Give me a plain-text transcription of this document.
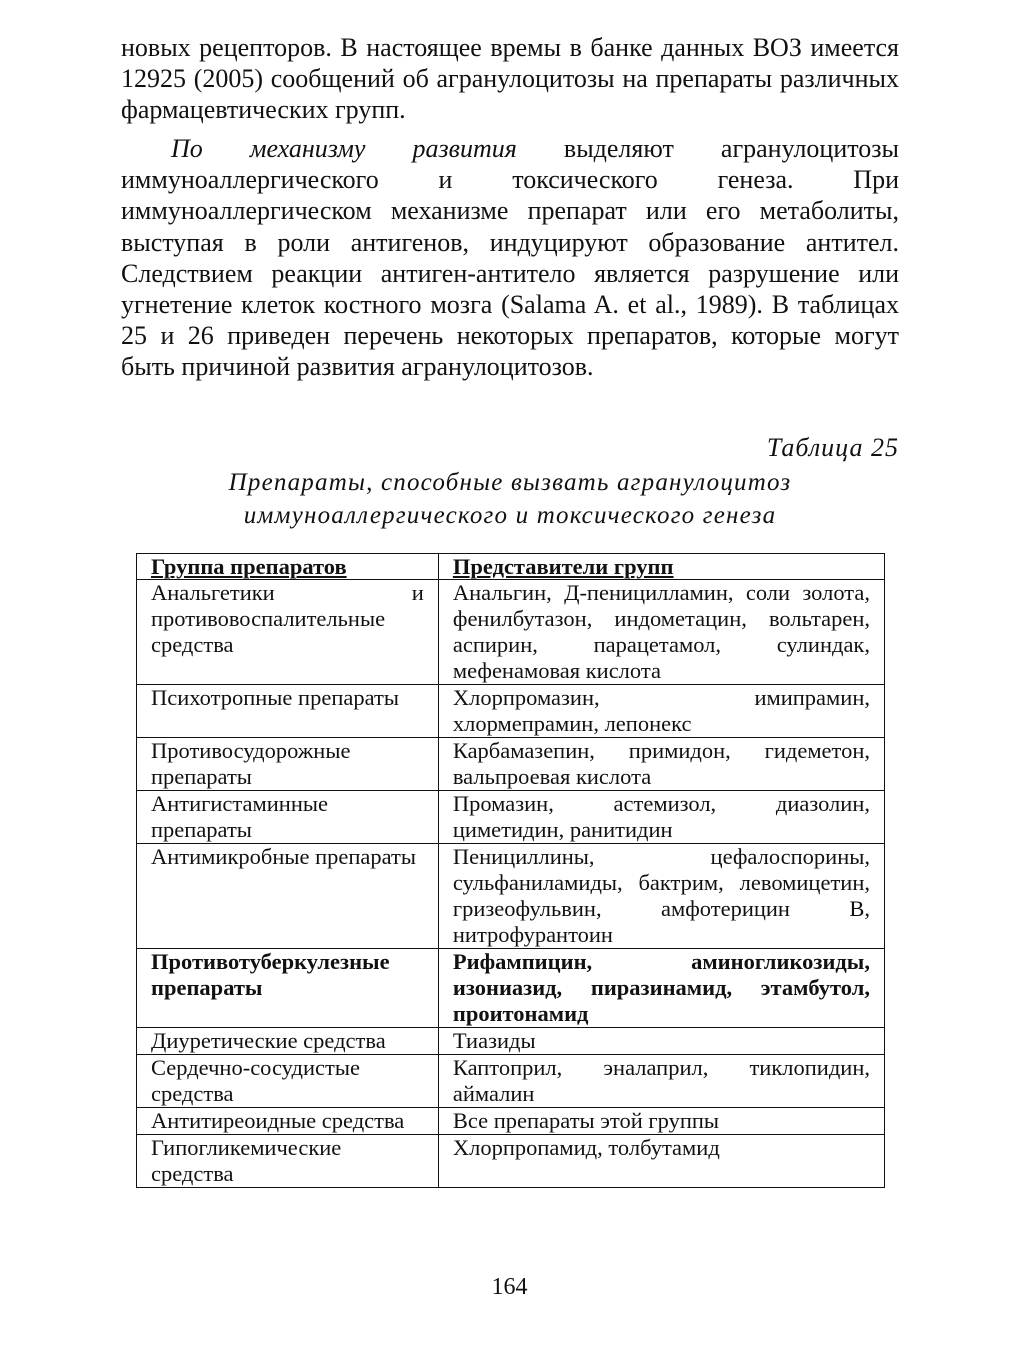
новых рецепторов. В настоящее времы в банке данных ВОЗ имеется 12925 (2005) сообщений об агранулоцитозы на препараты различных фармацевтических групп.

По механизму развития выделяют агранулоцитозы иммуноаллергического и токсического генеза. При иммуноаллергическом механизме препарат или его метаболиты, выступая в роли антигенов, индуцируют образование антител. Следствием реакции антиген-антитело является разрушение или угнетение клеток костного мозга (Salama A. et al., 1989). В таблицах 25 и 26 приведен перечень некоторых препаратов, которые могут быть причиной развития агранулоцитозов.

Таблица 25
Препараты, способные вызвать агранулоцитоз
иммуноаллергического и токсического генеза
Группа препаратов	Представители групп
Анальгетики и противовоспалительные средства	Анальгин, Д-пеницилламин, соли золота, фенилбутазон, индометацин, вольтарен, аспирин, парацетамол, сулиндак, мефенамовая кислота
Психотропные препараты	Хлорпромазин, имипрамин, хлормепрамин, лепонекс
Противосудорожные препараты	Карбамазепин, примидон, гидеметон, вальпроевая кислота
Антигистаминные препараты	Промазин, астемизол, диазолин, циметидин, ранитидин
Антимикробные препараты	Пенициллины, цефалоспорины, сульфаниламиды, бактрим, левомицетин, гризеофульвин, амфотерицин В, нитрофурантоин
Противотуберкулезные препараты	Рифампицин, аминогликозиды, изониазид, пиразинамид, этамбутол, проитонамид
Диуретические средства	Тиазиды
Сердечно-сосудистые средства	Каптоприл, эналаприл, тиклопидин, аймалин
Антитиреоидные средства	Все препараты этой группы
Гипогликемические средства	Хлорпропамид, толбутамид
164
